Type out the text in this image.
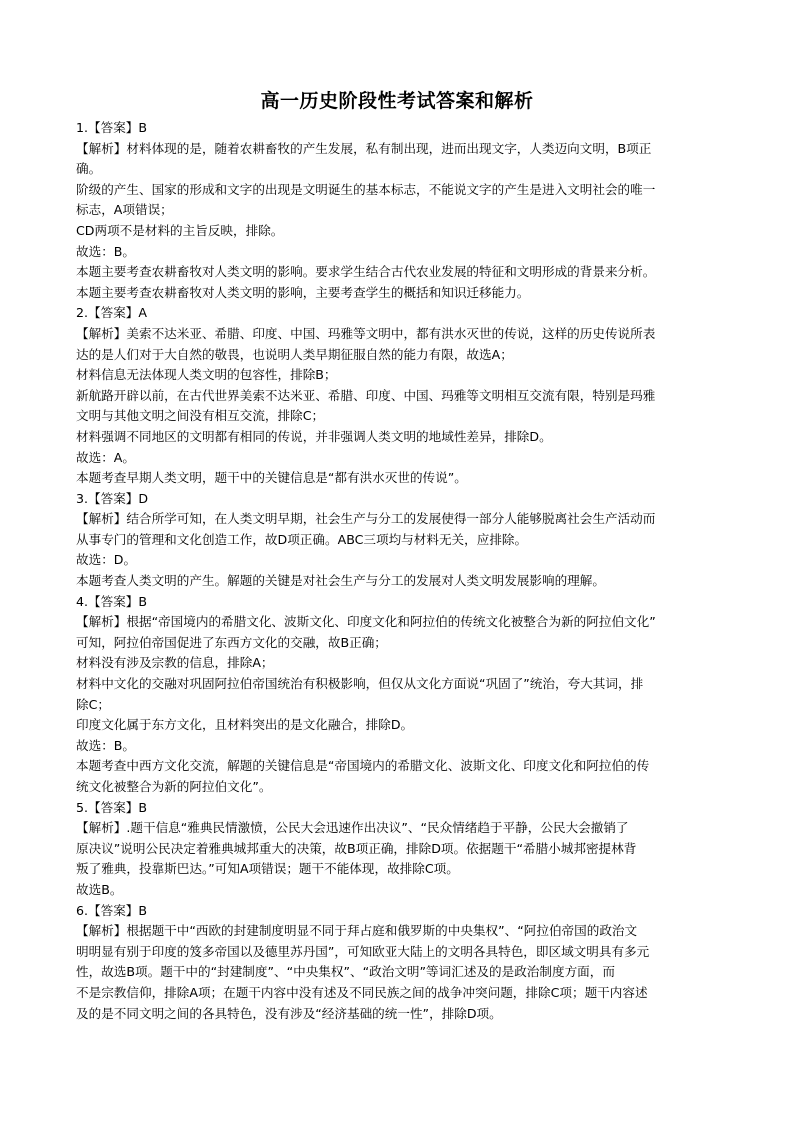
高一历史阶段性考试答案和解析

1.【答案】B

【解析】材料体现的是，随着农耕畜牧的产生发展，私有制出现，进而出现文字，人类迈向文明，B项正

确。

阶级的产生、国家的形成和文字的出现是文明诞生的基本标志，不能说文字的产生是进入文明社会的唯一

标志，A项错误；

CD两项不是材料的主旨反映，排除。

故选：B。

本题主要考查农耕畜牧对人类文明的影响。要求学生结合古代农业发展的特征和文明形成的背景来分析。

本题主要考查农耕畜牧对人类文明的影响，主要考查学生的概括和知识迁移能力。

2.【答案】A

【解析】美索不达米亚、希腊、印度、中国、玛雅等文明中，都有洪水灭世的传说，这样的历史传说所表

达的是人们对于大自然的敬畏，也说明人类早期征服自然的能力有限，故选A；

材料信息无法体现人类文明的包容性，排除B；

新航路开辟以前，在古代世界美索不达米亚、希腊、印度、中国、玛雅等文明相互交流有限，特别是玛雅

文明与其他文明之间没有相互交流，排除C；

材料强调不同地区的文明都有相同的传说，并非强调人类文明的地域性差异，排除D。

故选：A。

本题考查早期人类文明，题干中的关键信息是“都有洪水灭世的传说”。

3.【答案】D

【解析】结合所学可知，在人类文明早期，社会生产与分工的发展使得一部分人能够脱离社会生产活动而

从事专门的管理和文化创造工作，故D项正确。ABC三项均与材料无关，应排除。

故选：D。

本题考查人类文明的产生。解题的关键是对社会生产与分工的发展对人类文明发展影响的理解。

4.【答案】B

【解析】根据“帝国境内的希腊文化、波斯文化、印度文化和阿拉伯的传统文化被整合为新的阿拉伯文化”

可知，阿拉伯帝国促进了东西方文化的交融，故B正确；

材料没有涉及宗教的信息，排除A；

材料中文化的交融对巩固阿拉伯帝国统治有积极影响，但仅从文化方面说“巩固了”统治，夸大其词，排

除C；

印度文化属于东方文化，且材料突出的是文化融合，排除D。

故选：B。

本题考查中西方文化交流，解题的关键信息是“帝国境内的希腊文化、波斯文化、印度文化和阿拉伯的传

统文化被整合为新的阿拉伯文化”。

5.【答案】B

【解析】.题干信息“雅典民情激愤，公民大会迅速作出决议”、“民众情绪趋于平静，公民大会撤销了

原决议”说明公民决定着雅典城邦重大的决策，故B项正确，排除D项。依据题干“希腊小城邦密提林背

叛了雅典，投靠斯巴达。”可知A项错误；题干不能体现，故排除C项。

故选B。

6.【答案】B

【解析】根据题干中“西欧的封建制度明显不同于拜占庭和俄罗斯的中央集权”、“阿拉伯帝国的政治文

明明显有别于印度的笈多帝国以及德里苏丹国”，可知欧亚大陆上的文明各具特色，即区域文明具有多元

性，故选B项。题干中的“封建制度”、“中央集权”、“政治文明”等词汇述及的是政治制度方面，而

不是宗教信仰，排除A项；在题干内容中没有述及不同民族之间的战争冲突问题，排除C项；题干内容述

及的是不同文明之间的各具特色，没有涉及“经济基础的统一性”，排除D项。
